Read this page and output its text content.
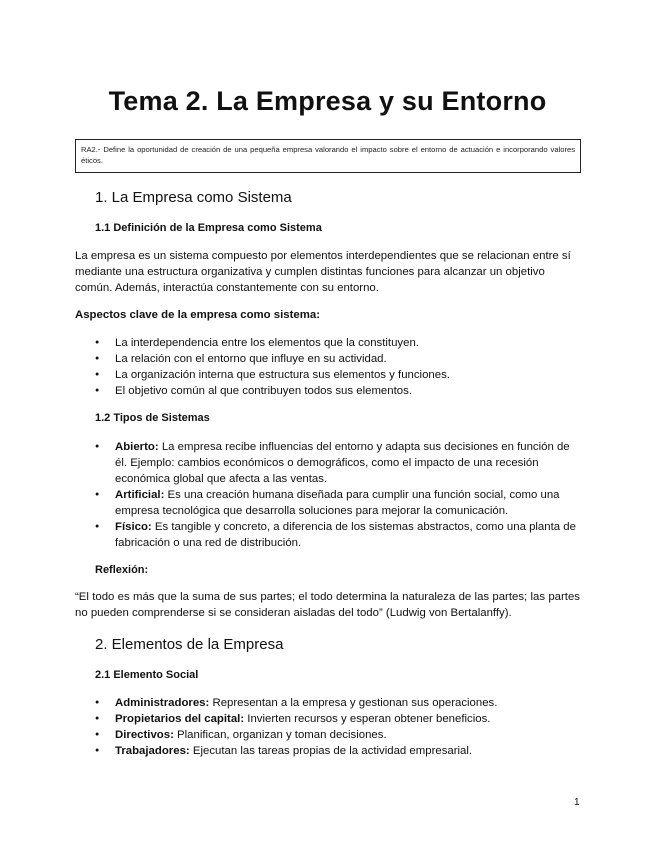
Tema 2. La Empresa y su Entorno
RA2.- Define la oportunidad de creación de una pequeña empresa valorando el impacto sobre el entorno de actuación e incorporando valores éticos.
1. La Empresa como Sistema
1.1 Definición de la Empresa como Sistema

La empresa es un sistema compuesto por elementos interdependientes que se relacionan entre sí mediante una estructura organizativa y cumplen distintas funciones para alcanzar un objetivo común. Además, interactúa constantemente con su entorno.

Aspectos clave de la empresa como sistema:

● La interdependencia entre los elementos que la constituyen.
● La relación con el entorno que influye en su actividad.
● La organización interna que estructura sus elementos y funciones.
● El objetivo común al que contribuyen todos sus elementos.
1.2 Tipos de Sistemas
● Abierto: La empresa recibe influencias del entorno y adapta sus decisiones en función de él. Ejemplo: cambios económicos o demográficos, como el impacto de una recesión económica global que afecta a las ventas.
● Artificial: Es una creación humana diseñada para cumplir una función social, como una empresa tecnológica que desarrolla soluciones para mejorar la comunicación.
● Físico: Es tangible y concreto, a diferencia de los sistemas abstractos, como una planta de fabricación o una red de distribución.
Reflexión:

“El todo es más que la suma de sus partes; el todo determina la naturaleza de las partes; las partes no pueden comprenderse si se consideran aisladas del todo” (Ludwig von Bertalanffy).

2. Elementos de la Empresa
2.1 Elemento Social
● Administradores: Representan a la empresa y gestionan sus operaciones.
● Propietarios del capital: Invierten recursos y esperan obtener beneficios.
● Directivos: Planifican, organizan y toman decisiones.
● Trabajadores: Ejecutan las tareas propias de la actividad empresarial.
1
